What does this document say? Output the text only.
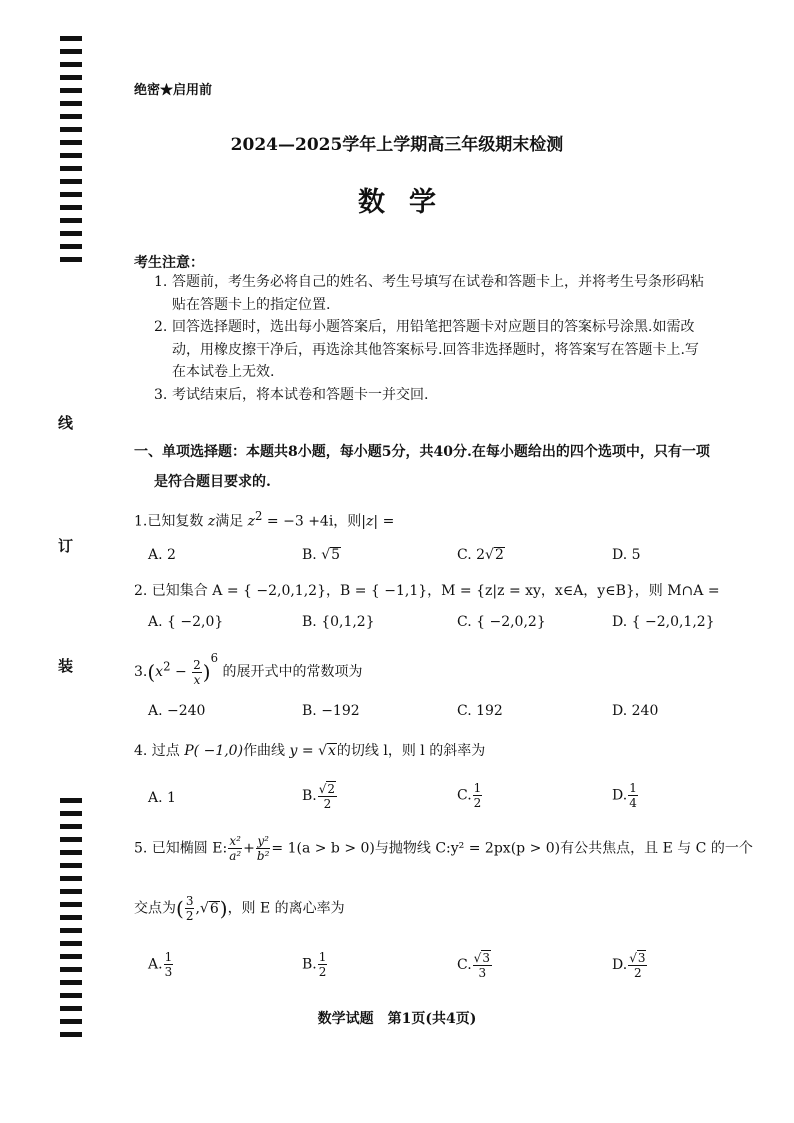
线
订
装
绝密★启用前
2024—2025学年上学期高三年级期末检测
数学
考生注意：

1. 答题前，考生务必将自己的姓名、考生号填写在试卷和答题卡上，并将考生号条形码粘

贴在答题卡上的指定位置.

2. 回答选择题时，选出每小题答案后，用铅笔把答题卡对应题目的答案标号涂黑.如需改

动，用橡皮擦干净后，再选涂其他答案标号.回答非选择题时，将答案写在答题卡上.写

在本试卷上无效.

3. 考试结束后，将本试卷和答题卡一并交回.

一、单项选择题：本题共8小题，每小题5分，共40分.在每小题给出的四个选项中，只有一项
是符合题目要求的.
1.已知复数 z满足 $z^2 = -3 +4i$，则|z| =
A. 2	B. √5	C. 2√2	D. 5
2. 已知集合 A = { −2,0,1,2}，B = { −1,1}，M = {z|z = xy，x∈A，y∈B}，则 M∩A =
A. { −2,0}	B. {0,1,2}	C. { −2,0,2}	D. { −2,0,1,2}
$3.(x^2 - \frac{2}{x} )^6$ 的展开式中的常数项为
A. −240	B. −192	C. 192	D. 240
4. 过点 P( −1,0)作曲线 y = √x的切线 l，则 l 的斜率为
A. 1	B. $\frac{√2}{2}$	C. $\frac{1}{2}$	D. $\frac{1}{4}$
5. 已知椭圆 E: $\frac{\text{x²}}{\text{a²}} + \frac{\text{y²}}{\text{b²}} = 1(a > b > 0)$与抛物线 C:y² = 2px(p > 0)有公共焦点，且 E 与 C 的一个
交点为( $\frac{3}{2} ,√6$)，则 E 的离心率为
A. $\frac{1}{3}$	B. $\frac{1}{2}$	C. $\frac{√3}{3}$	D. $\frac{√3}{2}$
数学试题　第1页(共4页)
